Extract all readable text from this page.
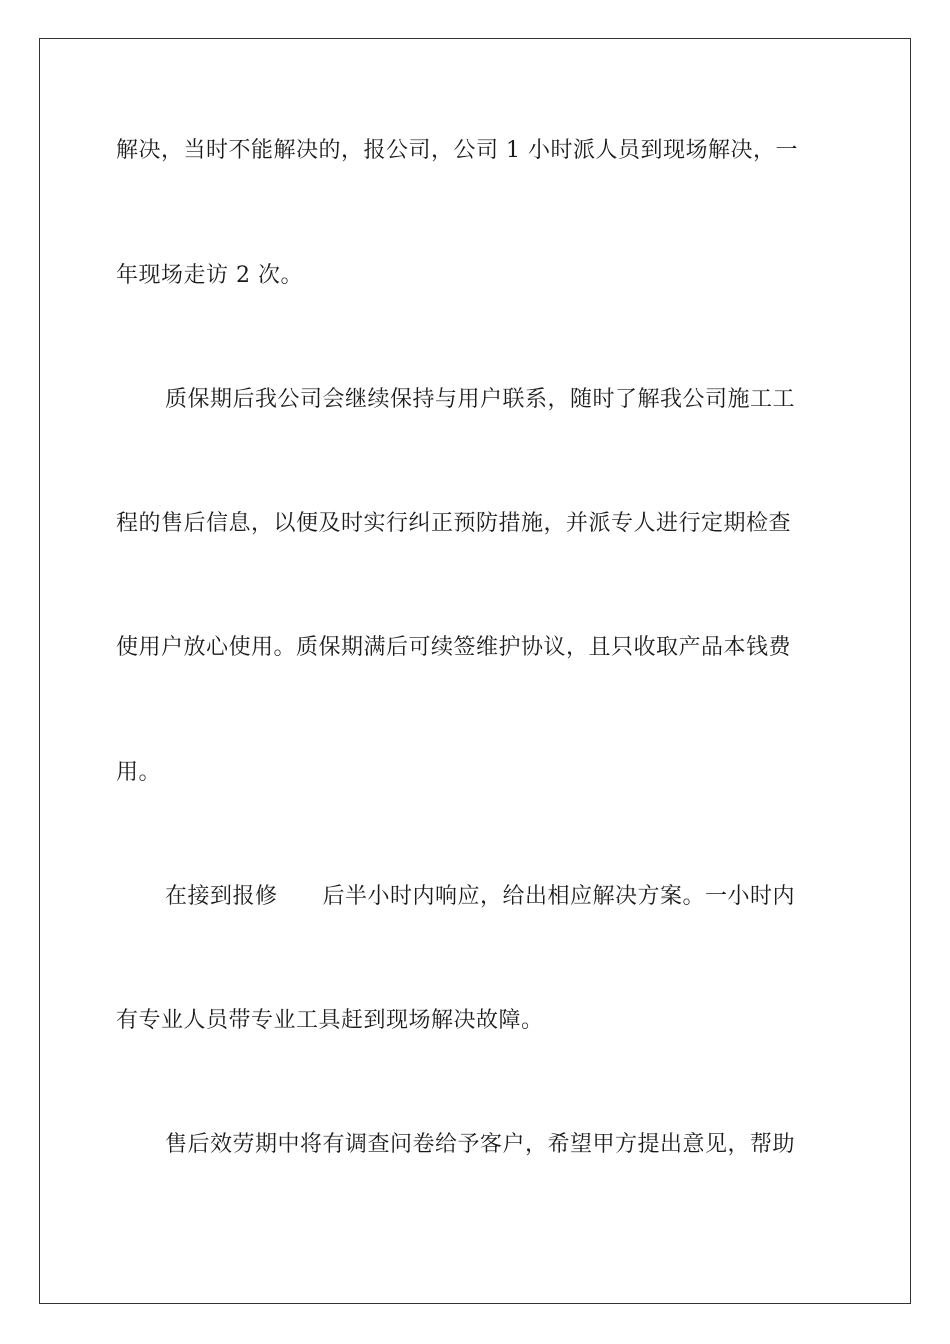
解决，当时不能解决的，报公司，公司 1 小时派人员到现场解决，一
年现场走访 2 次。
质保期后我公司会继续保持与用户联系，随时了解我公司施工工
程的售后信息，以便及时实行纠正预防措施，并派专人进行定期检查
使用户放心使用。质保期满后可续签维护协议，且只收取产品本钱费
用。
在接到报修　　后半小时内响应，给出相应解决方案。一小时内
有专业人员带专业工具赶到现场解决故障。
售后效劳期中将有调查问卷给予客户，希望甲方提出意见，帮助
